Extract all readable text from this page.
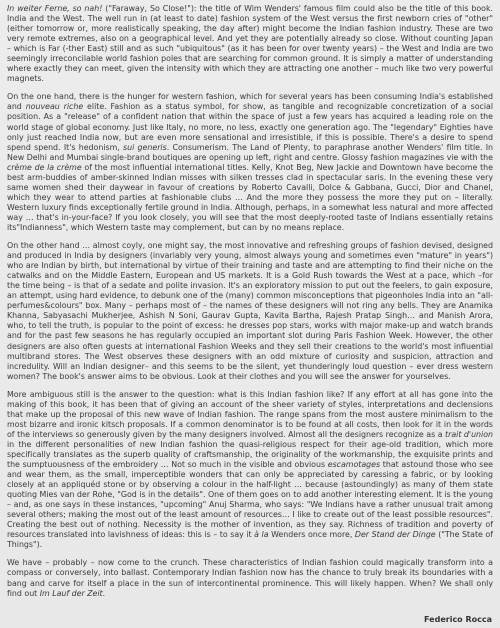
In weiter Ferne, so nah! ("Faraway, So Close!"): the title of Wim Wenders' famous film could also be the title of this book. India and the West. The well run in (at least to date) fashion system of the West versus the first newborn cries of "other" (either tomorrow or, more realistically speaking, the day after) might become the Indian fashion industry. These are two very remote extremes, also on a geographical level. And yet they are potentially already so close. Without counting Japan – which is Far (-ther East) still and as such "ubiquitous" (as it has been for over twenty years) – the West and India are two seemingly irreconcilable world fashion poles that are searching for common ground. It is simply a matter of understanding where exactly they can meet, given the intensity with which they are attracting one another – much like two very powerful magnets.

On the one hand, there is the hunger for western fashion, which for several years has been consuming India's established and nouveau riche elite. Fashion as a status symbol, for show, as tangible and recognizable concretization of a social position. As a "release" of a confident nation that within the space of just a few years has acquired a leading role on the world stage of global economy. Just like Italy, no more, no less, exactly one generation ago. The "legendary" Eighties have only just reached India now, but are even more sensational and irresistible, if this is possible. There's a desire to spend spend spend. It's hedonism, sui generis. Consumerism. The Land of Plenty, to paraphrase another Wenders' film title. In New Delhi and Mumbai single-brand boutiques are opening up left, right and centre. Glossy fashion magazines vie with the crème de la crème of the most influential international titles. Kelly, Knot Beg, New Jackie and Downtown have become the best arm-buddies of amber-skinned Indian misses with silken tresses clad in spectacular saris. In the evening these very same women shed their daywear in favour of creations by Roberto Cavalli, Dolce & Gabbana, Gucci, Dior and Chanel, which they wear to attend parties at fashionable clubs … And the more they possess the more they put on – literally. Western luxury finds exceptionally fertile ground in India. Although, perhaps, in a somewhat less natural and more affected way … that's in-your-face? If you look closely, you will see that the most deeply-rooted taste of Indians essentially retains its"Indianness", which Western taste may complement, but can by no means replace.

On the other hand … almost coyly, one might say, the most innovative and refreshing groups of fashion devised, designed and produced in India by designers (invariably very young, almost always young and sometimes even "mature" in years") who are Indian by birth, but international by virtue of their training and taste and are attempting to find their niche on the catwalks and on the Middle Eastern, European and US markets. It is a Gold Rush towards the West at a pace, which –for the time being – is that of a sedate and polite invasion. It's an exploratory mission to put out the feelers, to gain exposure, an attempt, using hard evidence, to debunk one of the (many) common misconceptions that pigeonholes India into an "all-perfumes&colours" box. Many – perhaps most of – the names of these designers will not ring any bells. They are Anamika Khanna, Sabyasachi Mukherjee, Ashish N Soni, Gaurav Gupta, Kavita Bartha, Rajesh Pratap Singh… and Manish Arora, who, to tell the truth, is popular to the point of excess: he dresses pop stars, works with major make-up and watch brands and for the past few seasons he has regularly occupied an important slot during Paris Fashion Week. However, the other designers are also often guests at international Fashion Weeks and they sell their creations to the world's most influential multibrand stores. The West observes these designers with an odd mixture of curiosity and suspicion, attraction and incredulity. Will an Indian designer– and this seems to be the silent, yet thunderingly loud question – ever dress western women? The book's answer aims to be obvious. Look at their clothes and you will see the answer for yourselves.

More ambiguous still is the answer to the question: what is this Indian fashion like? If any effort at all has gone into the making of this book, it has been that of giving an account of the sheer variety of styles, interpretations and declensions that make up the proposal of this new wave of Indian fashion. The range spans from the most austere minimalism to the most bizarre and ironic kitsch proposals. If a common denominator is to be found at all costs, then look for it in the words of the interviews so generously given by the many designers involved. Almost all the designers recognize as a trait d'union in the different personalities of new Indian fashion the quasi-religious respect for their age-old tradition, which more specifically translates as the superb quality of craftsmanship, the originality of the workmanship, the exquisite prints and the sumptuousness of the embroidery … Not so much in the visible and obvious escamotages that astound those who see and wear them, as the small, imperceptible wonders that can only be appreciated by caressing a fabric, or by looking closely at an appliquéd stone or by observing a colour in the half-light … because (astoundingly) as many of them state quoting Mies van der Rohe, "God is in the details". One of them goes on to add another interesting element. It is the young – and, as one says in these instances, "upcoming" Anuj Sharma, who says: "We Indians have a rather unusual trait among several others; making the most out of the least amount of resources… I like to create out of the least possible resources". Creating the best out of nothing. Necessity is the mother of invention, as they say. Richness of tradition and poverty of resources translated into lavishness of ideas: this is – to say it à la Wenders once more, Der Stand der Dinge ("The State of Things").

We have – probably – now come to the crunch. These characteristics of Indian fashion could magically transform into a compass or conversely, into ballast. Contemporary Indian fashion now has the chance to truly break its boundaries with a bang and carve for itself a place in the sun of intercontinental prominence. This will likely happen. When? We shall only find out Im Lauf der Zeit.

Federico Rocca
